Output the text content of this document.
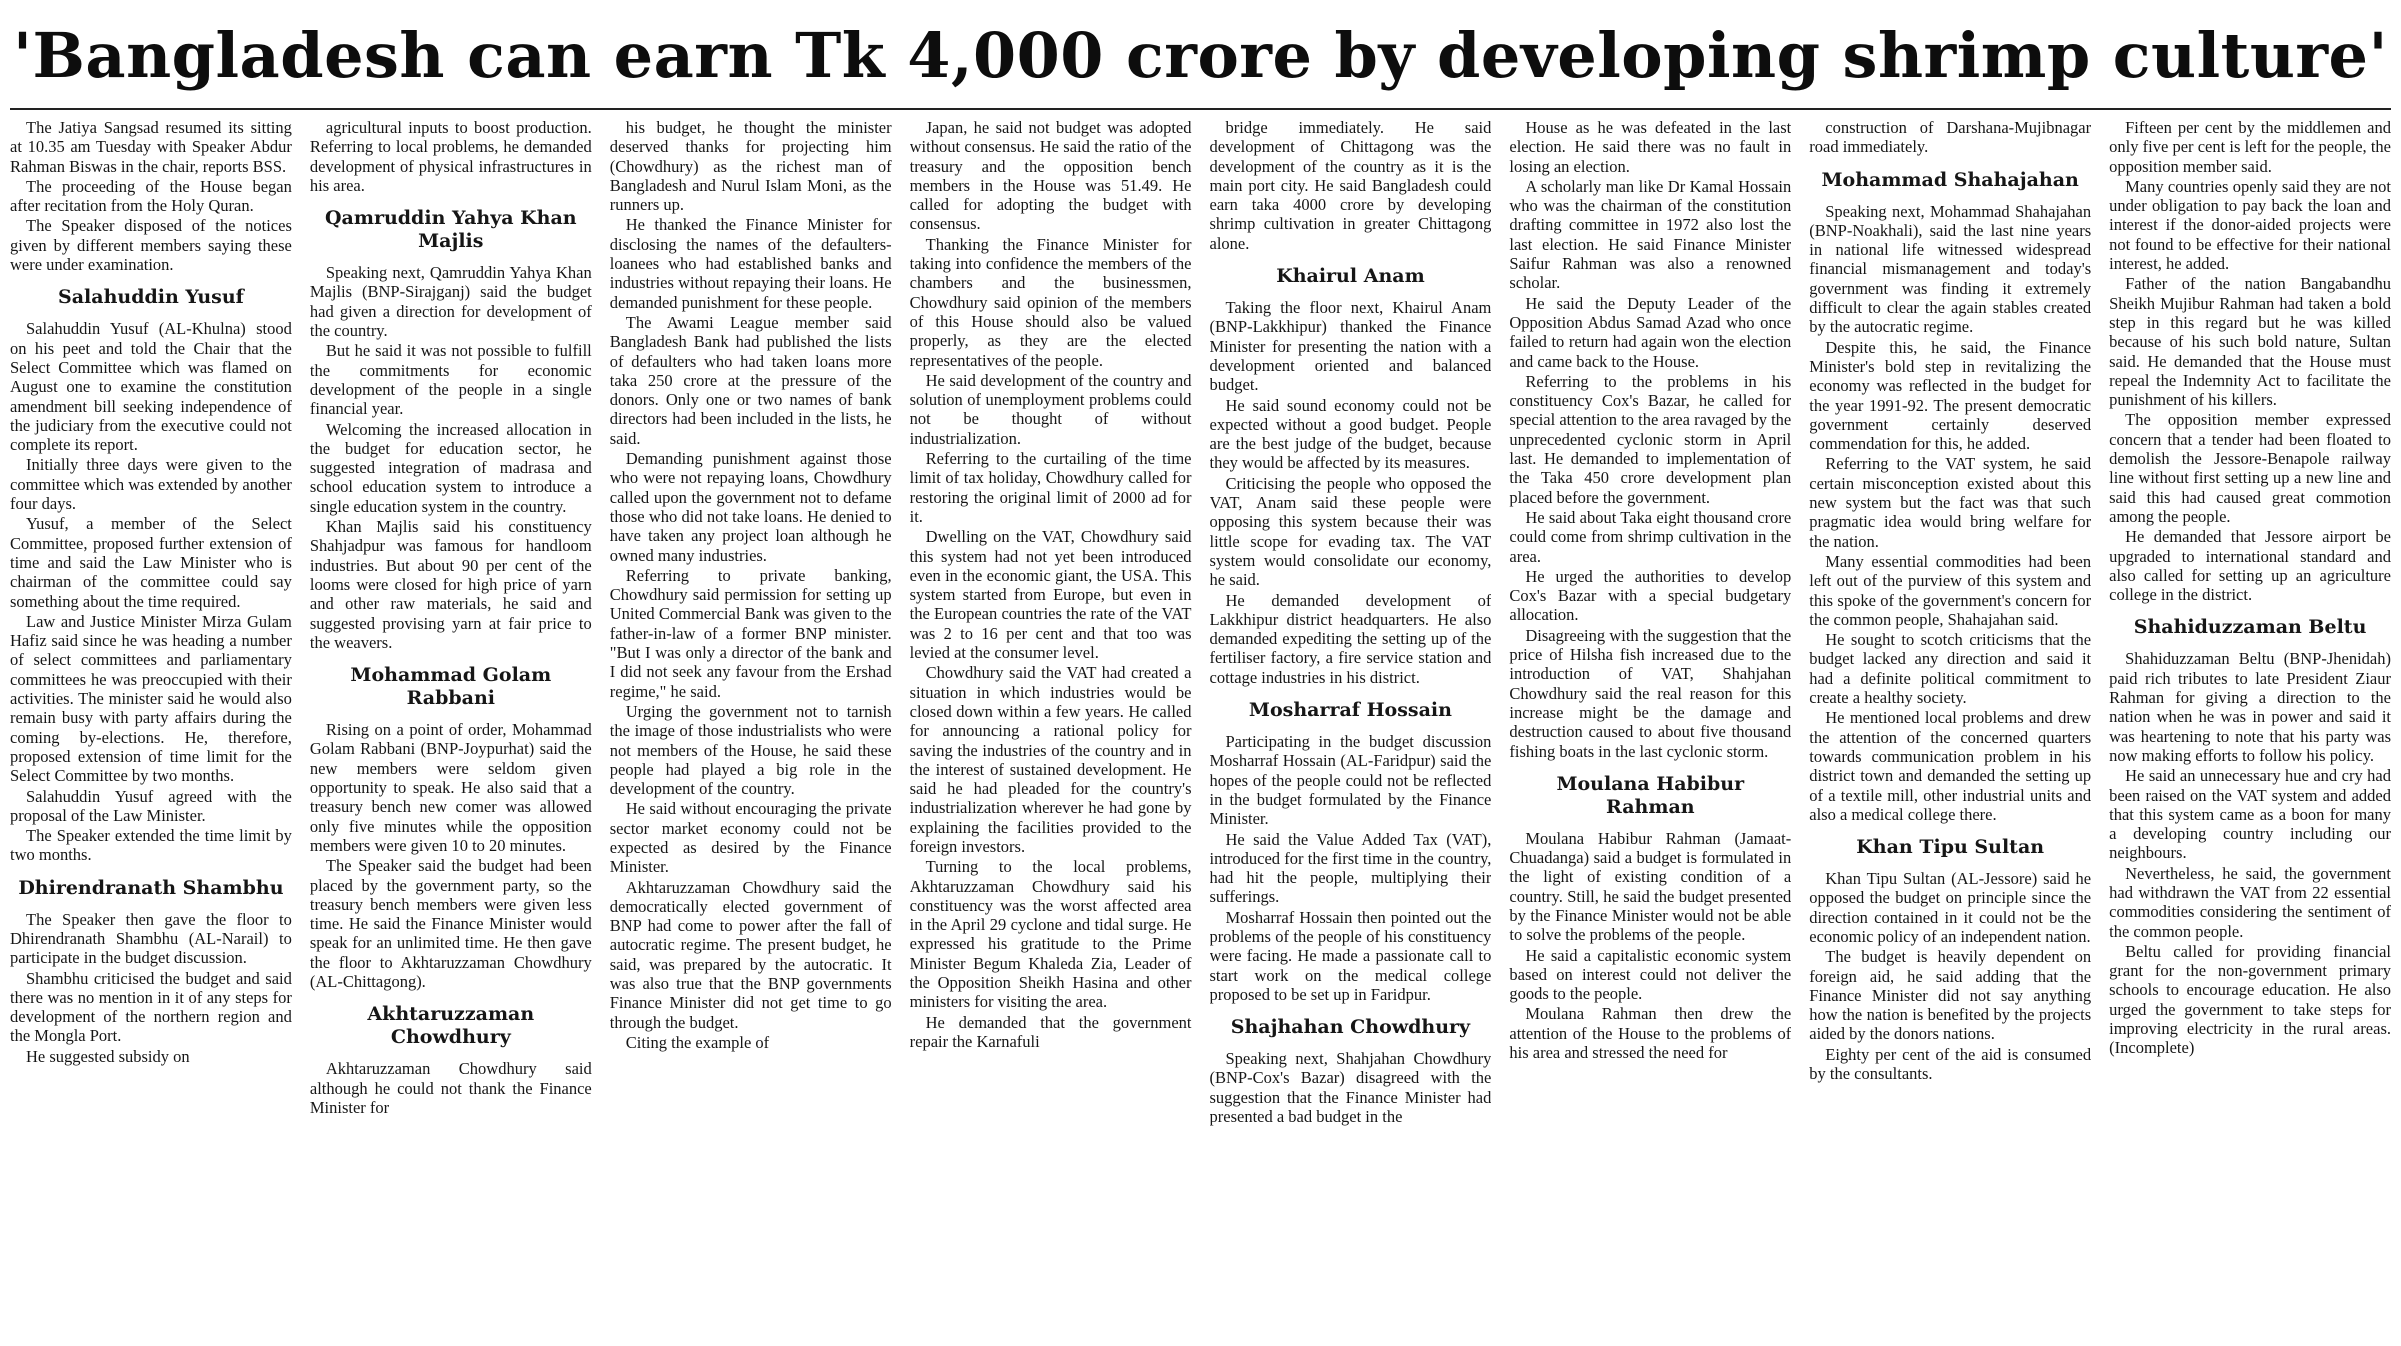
'Bangladesh can earn Tk 4,000 crore by developing shrimp culture'

The Jatiya Sangsad resumed its sitting at 10.35 am Tuesday with Speaker Abdur Rahman Biswas in the chair, reports BSS.

The proceeding of the House began after recitation from the Holy Quran.

The Speaker disposed of the notices given by different members saying these were under examination.

Salahuddin Yusuf

Salahuddin Yusuf (AL-Khulna) stood on his peet and told the Chair that the Select Committee which was flamed on August one to examine the constitution amendment bill seeking independence of the judiciary from the executive could not complete its report.

Initially three days were given to the committee which was extended by another four days.

Yusuf, a member of the Select Committee, proposed further extension of time and said the Law Minister who is chairman of the committee could say something about the time required.

Law and Justice Minister Mirza Gulam Hafiz said since he was heading a number of select committees and parliamentary committees he was preoccupied with their activities. The minister said he would also remain busy with party affairs during the coming by-elections. He, therefore, proposed extension of time limit for the Select Committee by two months.

Salahuddin Yusuf agreed with the proposal of the Law Minister.

The Speaker extended the time limit by two months.

Dhirendranath Shambhu

The Speaker then gave the floor to Dhirendranath Shambhu (AL-Narail) to participate in the budget discussion.

Shambhu criticised the budget and said there was no mention in it of any steps for development of the northern region and the Mongla Port.

He suggested subsidy on

agricultural inputs to boost production. Referring to local problems, he demanded development of physical infrastructures in his area.

Qamruddin Yahya Khan Majlis

Speaking next, Qamruddin Yahya Khan Majlis (BNP-Sirajganj) said the budget had given a direction for development of the country.

But he said it was not possible to fulfill the commitments for economic development of the people in a single financial year.

Welcoming the increased allocation in the budget for education sector, he suggested integration of madrasa and school education system to introduce a single education system in the country.

Khan Majlis said his constituency Shahjadpur was famous for handloom industries. But about 90 per cent of the looms were closed for high price of yarn and other raw materials, he said and suggested provising yarn at fair price to the weavers.

Mohammad Golam Rabbani

Rising on a point of order, Mohammad Golam Rabbani (BNP-Joypurhat) said the new members were seldom given opportunity to speak. He also said that a treasury bench new comer was allowed only five minutes while the opposition members were given 10 to 20 minutes.

The Speaker said the budget had been placed by the government party, so the treasury bench members were given less time. He said the Finance Minister would speak for an unlimited time. He then gave the floor to Akhtaruzzaman Chowdhury (AL-Chittagong).

Akhtaruzzaman Chowdhury

Akhtaruzzaman Chowdhury said although he could not thank the Finance Minister for

his budget, he thought the minister deserved thanks for projecting him (Chowdhury) as the richest man of Bangladesh and Nurul Islam Moni, as the runners up.

He thanked the Finance Minister for disclosing the names of the defaulters-loanees who had established banks and industries without repaying their loans. He demanded punishment for these people.

The Awami League member said Bangladesh Bank had published the lists of defaulters who had taken loans more taka 250 crore at the pressure of the donors. Only one or two names of bank directors had been included in the lists, he said.

Demanding punishment against those who were not repaying loans, Chowdhury called upon the government not to defame those who did not take loans. He denied to have taken any project loan although he owned many industries.

Referring to private banking, Chowdhury said permission for setting up United Commercial Bank was given to the father-in-law of a former BNP minister. "But I was only a director of the bank and I did not seek any favour from the Ershad regime," he said.

Urging the government not to tarnish the image of those industrialists who were not members of the House, he said these people had played a big role in the development of the country.

He said without encouraging the private sector market economy could not be expected as desired by the Finance Minister.

Akhtaruzzaman Chowdhury said the democratically elected government of BNP had come to power after the fall of autocratic regime. The present budget, he said, was prepared by the autocratic. It was also true that the BNP governments Finance Minister did not get time to go through the budget.

Citing the example of

Japan, he said not budget was adopted without consensus. He said the ratio of the treasury and the opposition bench members in the House was 51.49. He called for adopting the budget with consensus.

Thanking the Finance Minister for taking into confidence the members of the chambers and the businessmen, Chowdhury said opinion of the members of this House should also be valued properly, as they are the elected representatives of the people.

He said development of the country and solution of unemployment problems could not be thought of without industrialization.

Referring to the curtailing of the time limit of tax holiday, Chowdhury called for restoring the original limit of 2000 ad for it.

Dwelling on the VAT, Chowdhury said this system had not yet been introduced even in the economic giant, the USA. This system started from Europe, but even in the European countries the rate of the VAT was 2 to 16 per cent and that too was levied at the consumer level.

Chowdhury said the VAT had created a situation in which industries would be closed down within a few years. He called for announcing a rational policy for saving the industries of the country and in the interest of sustained development. He said he had pleaded for the country's industrialization wherever he had gone by explaining the facilities provided to the foreign investors.

Turning to the local problems, Akhtaruzzaman Chowdhury said his constituency was the worst affected area in the April 29 cyclone and tidal surge. He expressed his gratitude to the Prime Minister Begum Khaleda Zia, Leader of the Opposition Sheikh Hasina and other ministers for visiting the area.

He demanded that the government repair the Karnafuli

bridge immediately. He said development of Chittagong was the development of the country as it is the main port city. He said Bangladesh could earn taka 4000 crore by developing shrimp cultivation in greater Chittagong alone.

Khairul Anam

Taking the floor next, Khairul Anam (BNP-Lakkhipur) thanked the Finance Minister for presenting the nation with a development oriented and balanced budget.

He said sound economy could not be expected without a good budget. People are the best judge of the budget, because they would be affected by its measures.

Criticising the people who opposed the VAT, Anam said these people were opposing this system because their was little scope for evading tax. The VAT system would consolidate our economy, he said.

He demanded development of Lakkhipur district headquarters. He also demanded expediting the setting up of the fertiliser factory, a fire service station and cottage industries in his district.

Mosharraf Hossain

Participating in the budget discussion Mosharraf Hossain (AL-Faridpur) said the hopes of the people could not be reflected in the budget formulated by the Finance Minister.

He said the Value Added Tax (VAT), introduced for the first time in the country, had hit the people, multiplying their sufferings.

Mosharraf Hossain then pointed out the problems of the people of his constituency were facing. He made a passionate call to start work on the medical college proposed to be set up in Faridpur.

Shajhahan Chowdhury

Speaking next, Shahjahan Chowdhury (BNP-Cox's Bazar) disagreed with the suggestion that the Finance Minister had presented a bad budget in the

House as he was defeated in the last election. He said there was no fault in losing an election.

A scholarly man like Dr Kamal Hossain who was the chairman of the constitution drafting committee in 1972 also lost the last election. He said Finance Minister Saifur Rahman was also a renowned scholar.

He said the Deputy Leader of the Opposition Abdus Samad Azad who once failed to return had again won the election and came back to the House.

Referring to the problems in his constituency Cox's Bazar, he called for special attention to the area ravaged by the unprecedented cyclonic storm in April last. He demanded to implementation of the Taka 450 crore development plan placed before the government.

He said about Taka eight thousand crore could come from shrimp cultivation in the area.

He urged the authorities to develop Cox's Bazar with a special budgetary allocation.

Disagreeing with the suggestion that the price of Hilsha fish increased due to the introduction of VAT, Shahjahan Chowdhury said the real reason for this increase might be the damage and destruction caused to about five thousand fishing boats in the last cyclonic storm.

Moulana Habibur Rahman

Moulana Habibur Rahman (Jamaat-Chuadanga) said a budget is formulated in the light of existing condition of a country. Still, he said the budget presented by the Finance Minister would not be able to solve the problems of the people.

He said a capitalistic economic system based on interest could not deliver the goods to the people.

Moulana Rahman then drew the attention of the House to the problems of his area and stressed the need for

construction of Darshana-Mujibnagar road immediately.

Mohammad Shahajahan

Speaking next, Mohammad Shahajahan (BNP-Noakhali), said the last nine years in national life witnessed widespread financial mismanagement and today's government was finding it extremely difficult to clear the again stables created by the autocratic regime.

Despite this, he said, the Finance Minister's bold step in revitalizing the economy was reflected in the budget for the year 1991-92. The present democratic government certainly deserved commendation for this, he added.

Referring to the VAT system, he said certain misconception existed about this new system but the fact was that such pragmatic idea would bring welfare for the nation.

Many essential commodities had been left out of the purview of this system and this spoke of the government's concern for the common people, Shahajahan said.

He sought to scotch criticisms that the budget lacked any direction and said it had a definite political commitment to create a healthy society.

He mentioned local problems and drew the attention of the concerned quarters towards communication problem in his district town and demanded the setting up of a textile mill, other industrial units and also a medical college there.

Khan Tipu Sultan

Khan Tipu Sultan (AL-Jessore) said he opposed the budget on principle since the direction contained in it could not be the economic policy of an independent nation.

The budget is heavily dependent on foreign aid, he said adding that the Finance Minister did not say anything how the nation is benefited by the projects aided by the donors nations.

Eighty per cent of the aid is consumed by the consultants.

Fifteen per cent by the middlemen and only five per cent is left for the people, the opposition member said.

Many countries openly said they are not under obligation to pay back the loan and interest if the donor-aided projects were not found to be effective for their national interest, he added.

Father of the nation Bangabandhu Sheikh Mujibur Rahman had taken a bold step in this regard but he was killed because of his such bold nature, Sultan said. He demanded that the House must repeal the Indemnity Act to facilitate the punishment of his killers.

The opposition member expressed concern that a tender had been floated to demolish the Jessore-Benapole railway line without first setting up a new line and said this had caused great commotion among the people.

He demanded that Jessore airport be upgraded to international standard and also called for setting up an agriculture college in the district.

Shahiduzzaman Beltu

Shahiduzzaman Beltu (BNP-Jhenidah) paid rich tributes to late President Ziaur Rahman for giving a direction to the nation when he was in power and said it was heartening to note that his party was now making efforts to follow his policy.

He said an unnecessary hue and cry had been raised on the VAT system and added that this system came as a boon for many a developing country including our neighbours.

Nevertheless, he said, the government had withdrawn the VAT from 22 essential commodities considering the sentiment of the common people.

Beltu called for providing financial grant for the non-government primary schools to encourage education. He also urged the government to take steps for improving electricity in the rural areas. (Incomplete)
